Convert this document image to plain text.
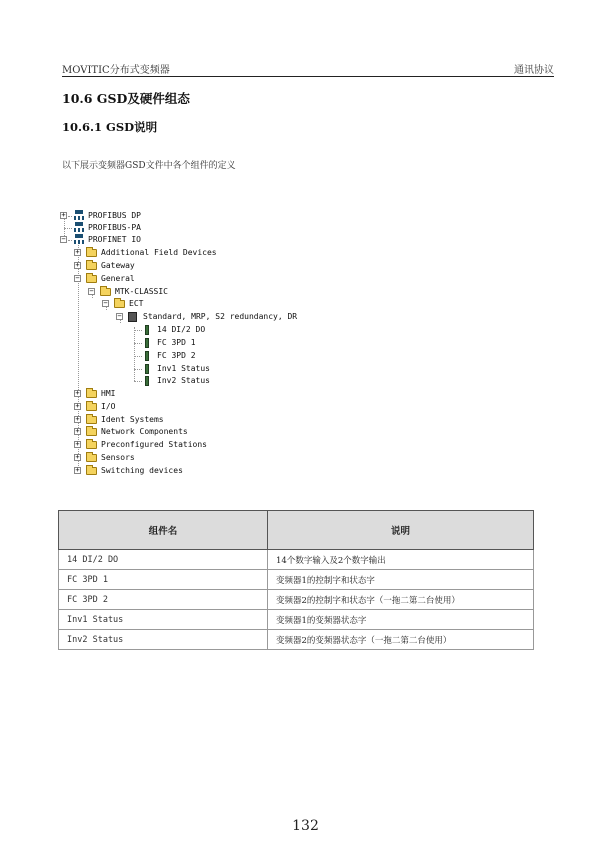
MOVITIC分布式变频器	通讯协议
10.6 GSD及硬件组态
10.6.1 GSD说明
以下展示变频器GSD文件中各个组件的定义
+	PROFIBUS DP
PROFIBUS-PA
−	PROFINET IO
+	Additional Field Devices
+	Gateway
−	General
−	MTK-CLASSIC
−	ECT
−	Standard, MRP, S2 redundancy, DR
14 DI/2 DO
FC 3PD 1
FC 3PD 2
Inv1 Status
Inv2 Status
+	HMI
+	I/O
+	Ident Systems
+	Network Components
+	Preconfigured Stations
+	Sensors
+	Switching devices
组件名	说明
14 DI/2 DO	14个数字输入及2个数字输出
FC 3PD 1	变频器1的控制字和状态字
FC 3PD 2	变频器2的控制字和状态字（一拖二第二台使用）
Inv1 Status	变频器1的变频器状态字
Inv2 Status	变频器2的变频器状态字（一拖二第二台使用）
132
